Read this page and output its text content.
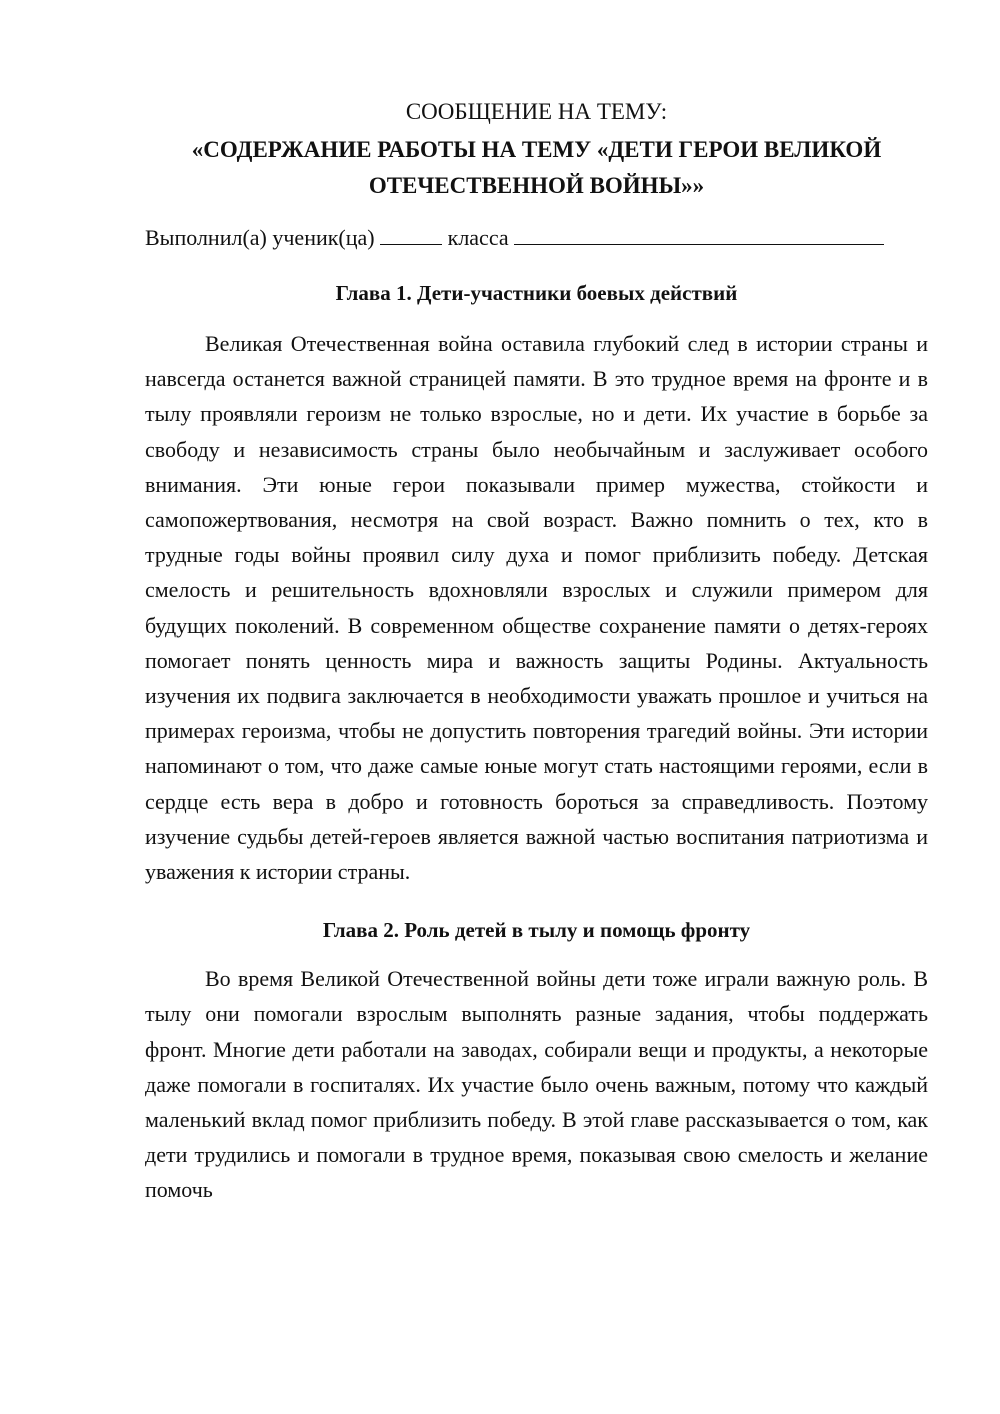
СООБЩЕНИЕ НА ТЕМУ:

«СОДЕРЖАНИЕ РАБОТЫ НА ТЕМУ «ДЕТИ ГЕРОИ ВЕЛИКОЙ ОТЕЧЕСТВЕННОЙ ВОЙНЫ»»

Выполнил(а) ученик(ца)	класса
Глава 1. Дети-участники боевых действий

Великая Отечественная война оставила глубокий след в истории страны и навсегда останется важной страницей памяти. В это трудное время на фронте и в тылу проявляли героизм не только взрослые, но и дети. Их участие в борьбе за свободу и независимость страны было необычайным и заслуживает особого внимания. Эти юные герои показывали пример мужества, стойкости и самопожертвования, несмотря на свой возраст. Важно помнить о тех, кто в трудные годы войны проявил силу духа и помог приблизить победу. Детская смелость и решительность вдохновляли взрослых и служили примером для будущих поколений. В современном обществе сохранение памяти о детях-героях помогает понять ценность мира и важность защиты Родины. Актуальность изучения их подвига заключается в необходимости уважать прошлое и учиться на примерах героизма, чтобы не допустить повторения трагедий войны. Эти истории напоминают о том, что даже самые юные могут стать настоящими героями, если в сердце есть вера в добро и готовность бороться за справедливость. Поэтому изучение судьбы детей-героев является важной частью воспитания патриотизма и уважения к истории страны.

Глава 2. Роль детей в тылу и помощь фронту

Во время Великой Отечественной войны дети тоже играли важную роль. В тылу они помогали взрослым выполнять разные задания, чтобы поддержать фронт. Многие дети работали на заводах, собирали вещи и продукты, а некоторые даже помогали в госпиталях. Их участие было очень важным, потому что каждый маленький вклад помог приблизить победу. В этой главе рассказывается о том, как дети трудились и помогали в трудное время, показывая свою смелость и желание помочь
